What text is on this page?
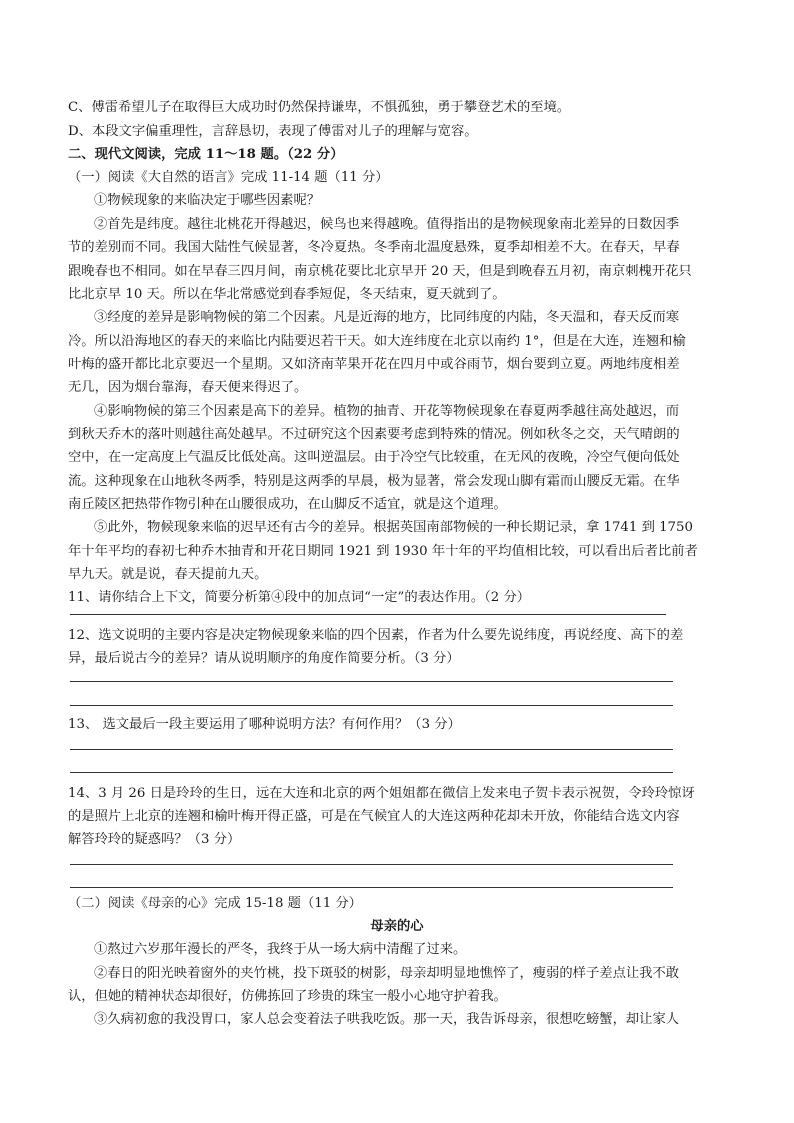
C、傅雷希望儿子在取得巨大成功时仍然保持谦卑，不惧孤独，勇于攀登艺术的至境。
D、本段文字偏重理性，言辞恳切，表现了傅雷对儿子的理解与宽容。
二、现代文阅读，完成 11～18 题。（22 分）
（一）阅读《大自然的语言》完成 11-14 题（11 分）
①物候现象的来临决定于哪些因素呢？
②首先是纬度。越往北桃花开得越迟，候鸟也来得越晚。值得指出的是物候现象南北差异的日数因季
节的差别而不同。我国大陆性气候显著，冬冷夏热。冬季南北温度悬殊，夏季却相差不大。在春天，早春
跟晚春也不相同。如在早春三四月间，南京桃花要比北京早开 20 天，但是到晚春五月初，南京刺槐开花只
比北京早 10 天。所以在华北常感觉到春季短促，冬天结束，夏天就到了。
③经度的差异是影响物候的第二个因素。凡是近海的地方，比同纬度的内陆，冬天温和，春天反而寒
冷。所以沿海地区的春天的来临比内陆要迟若干天。如大连纬度在北京以南约 1°，但是在大连，连翘和榆
叶梅的盛开都比北京要迟一个星期。又如济南苹果开花在四月中或谷雨节，烟台要到立夏。两地纬度相差
无几，因为烟台靠海，春天便来得迟了。
④影响物候的第三个因素是高下的差异。植物的抽青、开花等物候现象在春夏两季越往高处越迟，而
到秋天乔木的落叶则越往高处越早。不过研究这个因素要考虑到特殊的情况。例如秋冬之交，天气晴朗的
空中，在一定高度上气温反比低处高。这叫逆温层。由于冷空气比较重，在无风的夜晚，冷空气便向低处
流。这种现象在山地秋冬两季，特别是这两季的早晨，极为显著，常会发现山脚有霜而山腰反无霜。在华
南丘陵区把热带作物引种在山腰很成功，在山脚反不适宜，就是这个道理。
⑤此外，物候现象来临的迟早还有古今的差异。根据英国南部物候的一种长期记录，拿 1741 到 1750
年十年平均的春初七种乔木抽青和开花日期同 1921 到 1930 年十年的平均值相比较，可以看出后者比前者
早九天。就是说，春天提前九天。
11、请你结合上下文，简要分析第④段中的加点词“一定”的表达作用。（2 分）
12、选文说明的主要内容是决定物候现象来临的四个因素，作者为什么要先说纬度，再说经度、高下的差
异，最后说古今的差异？请从说明顺序的角度作简要分析。（3 分）
13、 选文最后一段主要运用了哪种说明方法？有何作用？（3 分）
14、3 月 26 日是玲玲的生日，远在大连和北京的两个姐姐都在微信上发来电子贺卡表示祝贺，令玲玲惊讶
的是照片上北京的连翘和榆叶梅开得正盛，可是在气候宜人的大连这两种花却未开放，你能结合选文内容
解答玲玲的疑惑吗？（3 分）
（二）阅读《母亲的心》完成 15-18 题（11 分）
母亲的心
①熬过六岁那年漫长的严冬，我终于从一场大病中清醒了过来。
②春日的阳光映着窗外的夹竹桃，投下斑驳的树影，母亲却明显地憔悴了，瘦弱的样子差点让我不敢
认，但她的精神状态却很好，仿佛拣回了珍贵的珠宝一般小心地守护着我。
③久病初愈的我没胃口，家人总会变着法子哄我吃饭。那一天，我告诉母亲，很想吃螃蟹，却让家人
